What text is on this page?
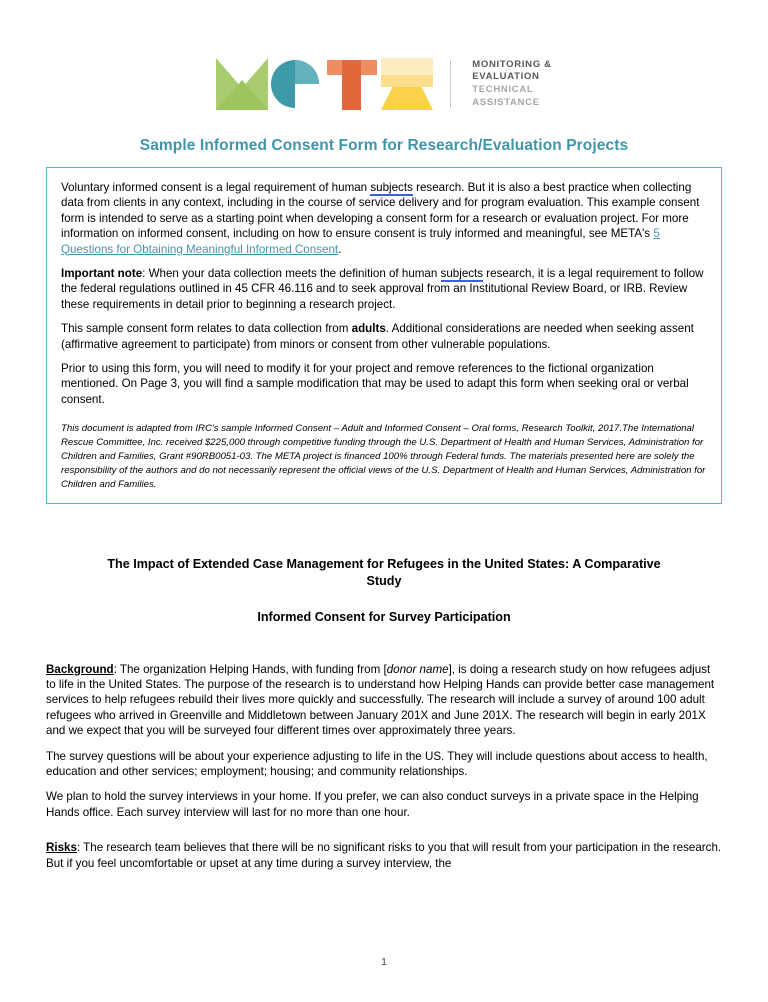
MONITORING &
EVALUATION
TECHNICAL
ASSISTANCE
Sample Informed Consent Form for Research/Evaluation Projects

Voluntary informed consent is a legal requirement of human subjects research. But it is also a best practice when collecting data from clients in any context, including in the course of service delivery and for program evaluation. This example consent form is intended to serve as a starting point when developing a consent form for a research or evaluation project. For more information on informed consent, including on how to ensure consent is truly informed and meaningful, see META's 5 Questions for Obtaining Meaningful Informed Consent.

Important note: When your data collection meets the definition of human subjects research, it is a legal requirement to follow the federal regulations outlined in 45 CFR 46.116 and to seek approval from an Institutional Review Board, or IRB. Review these requirements in detail prior to beginning a research project.

This sample consent form relates to data collection from adults. Additional considerations are needed when seeking assent (affirmative agreement to participate) from minors or consent from other vulnerable populations.

Prior to using this form, you will need to modify it for your project and remove references to the fictional organization mentioned. On Page 3, you will find a sample modification that may be used to adapt this form when seeking oral or verbal consent.

This document is adapted from IRC's sample Informed Consent – Adult and Informed Consent – Oral forms, Research Toolkit, 2017.The International Rescue Committee, Inc. received $225,000 through competitive funding through the U.S. Department of Health and Human Services, Administration for Children and Families, Grant #90RB0051-03. The META project is financed 100% through Federal funds. The materials presented here are solely the responsibility of the authors and do not necessarily represent the official views of the U.S. Department of Health and Human Services, Administration for Children and Families.

The Impact of Extended Case Management for Refugees in the United States: A Comparative Study
Informed Consent for Survey Participation

Background: The organization Helping Hands, with funding from [donor name], is doing a research study on how refugees adjust to life in the United States. The purpose of the research is to understand how Helping Hands can provide better case management services to help refugees rebuild their lives more quickly and successfully. The research will include a survey of around 100 adult refugees who arrived in Greenville and Middletown between January 201X and June 201X. The research will begin in early 201X and we expect that you will be surveyed four different times over approximately three years.

The survey questions will be about your experience adjusting to life in the US. They will include questions about access to health, education and other services; employment; housing; and community relationships.

We plan to hold the survey interviews in your home. If you prefer, we can also conduct surveys in a private space in the Helping Hands office. Each survey interview will last for no more than one hour.

Risks: The research team believes that there will be no significant risks to you that will result from your participation in the research. But if you feel uncomfortable or upset at any time during a survey interview, the

1
